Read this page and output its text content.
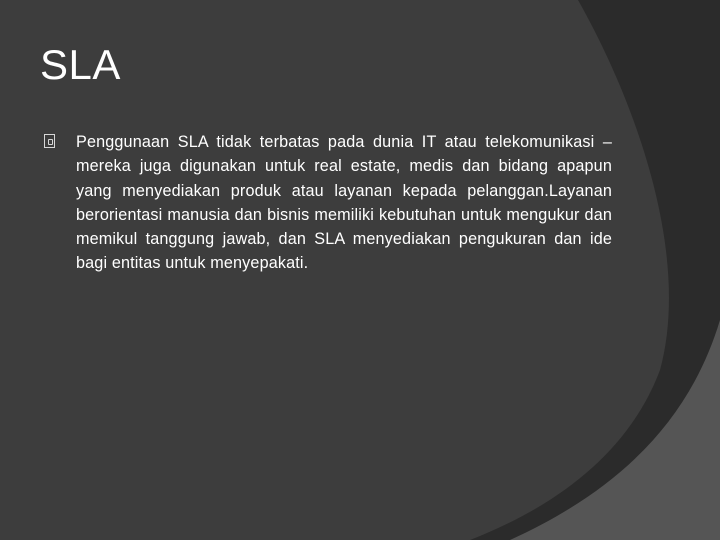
SLA

Penggunaan SLA tidak terbatas pada dunia IT atau telekomunikasi – mereka juga digunakan untuk real estate, medis dan bidang apapun yang menyediakan produk atau layanan kepada pelanggan.Layanan berorientasi manusia dan bisnis memiliki kebutuhan untuk mengukur dan memikul tanggung jawab, dan SLA menyediakan pengukuran dan ide bagi entitas untuk menyepakati.
